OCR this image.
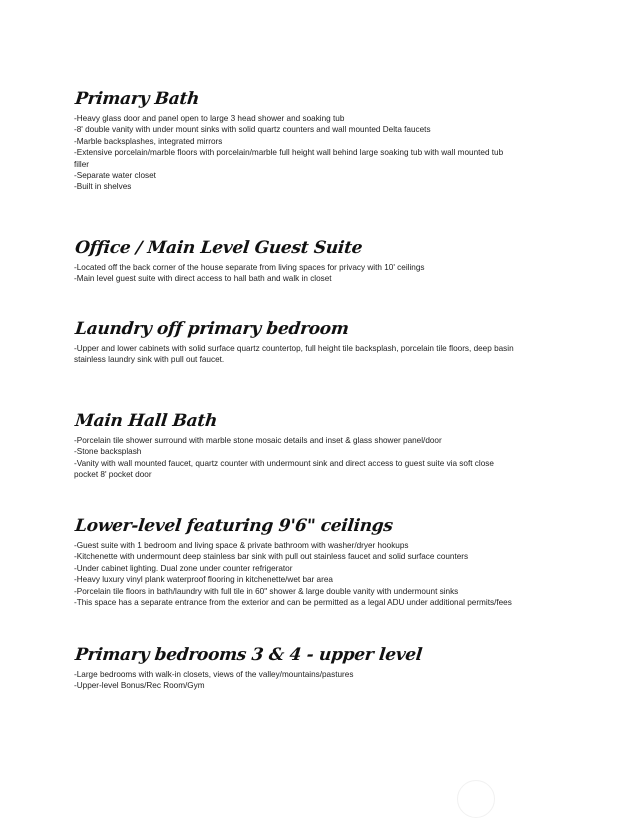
Primary Bath

-Heavy glass door and panel open to large 3 head shower and soaking tub

-8' double vanity with under mount sinks with solid quartz counters and wall mounted Delta faucets

-Marble backsplashes, integrated mirrors

-Extensive porcelain/marble floors with porcelain/marble full height wall behind large soaking tub with wall mounted tub

filler

-Separate water closet

-Built in shelves

Office / Main Level Guest Suite

-Located off the back corner of the house separate from living spaces for privacy with 10' ceilings

-Main level guest suite with direct access to hall bath and walk in closet

Laundry off primary bedroom

-Upper and lower cabinets with solid surface quartz countertop, full height tile backsplash, porcelain tile floors, deep basin

stainless laundry sink with pull out faucet.

Main Hall Bath

-Porcelain tile shower surround with marble stone mosaic details and inset & glass shower panel/door

-Stone backsplash

-Vanity with wall mounted faucet, quartz counter with undermount sink and direct access to guest suite via soft close

pocket 8' pocket door

Lower-level featuring 9'6" ceilings

-Guest suite with 1 bedroom and living space & private bathroom with washer/dryer hookups

-Kitchenette with undermount deep stainless bar sink with pull out stainless faucet and solid surface counters

-Under cabinet lighting. Dual zone under counter refrigerator

-Heavy luxury vinyl plank waterproof flooring in kitchenette/wet bar area

-Porcelain tile floors in bath/laundry with full tile in 60" shower & large double vanity with undermount sinks

-This space has a separate entrance from the exterior and can be permitted as a legal ADU under additional permits/fees

Primary bedrooms 3 & 4 - upper level

-Large bedrooms with walk-in closets, views of the valley/mountains/pastures

-Upper-level Bonus/Rec Room/Gym
